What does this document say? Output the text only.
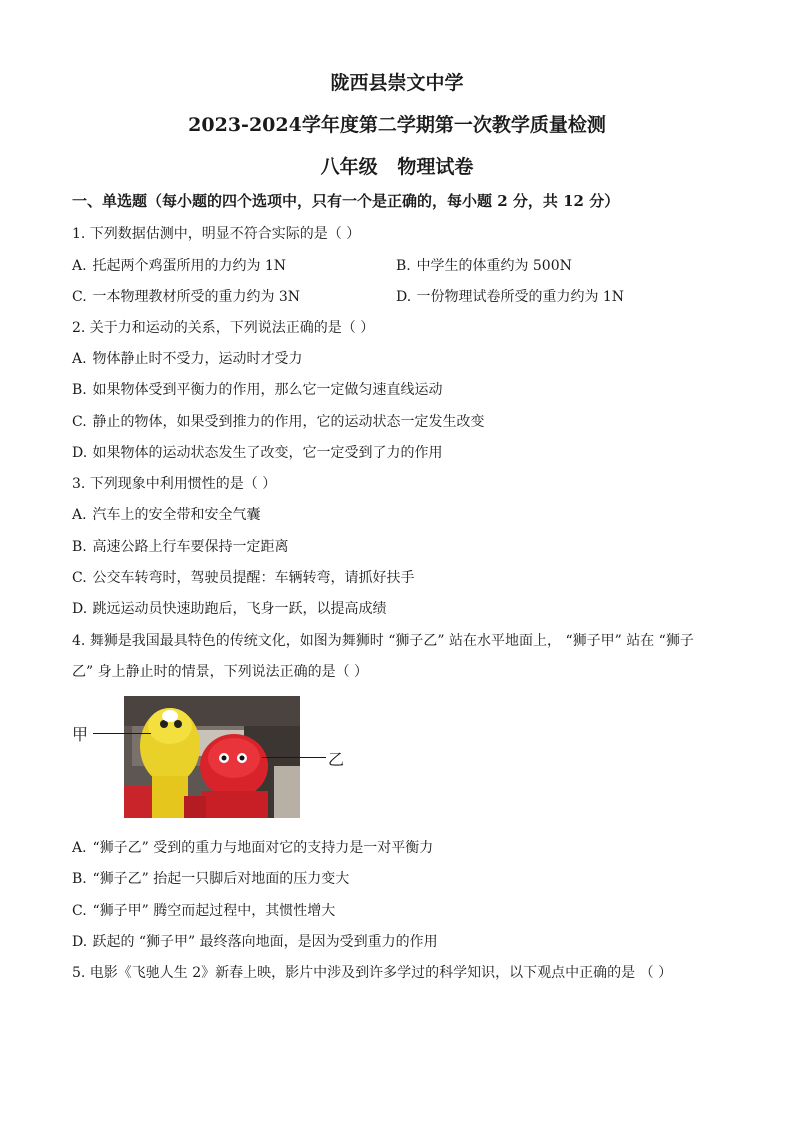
陇西县崇文中学
2023-2024学年度第二学期第一次教学质量检测
八年级   物理试卷
一、单选题（每小题的四个选项中，只有一个是正确的，每小题 2 分，共 12 分）
1. 下列数据估测中，明显不符合实际的是（ ）
A. 托起两个鸡蛋所用的力约为 1N	B. 中学生的体重约为 500N
C. 一本物理教材所受的重力约为 3N	D. 一份物理试卷所受的重力约为 1N
2. 关于力和运动的关系，下列说法正确的是（ ）
A. 物体静止时不受力，运动时才受力
B. 如果物体受到平衡力的作用，那么它一定做匀速直线运动
C. 静止的物体，如果受到推力的作用，它的运动状态一定发生改变
D. 如果物体的运动状态发生了改变，它一定受到了力的作用
3. 下列现象中利用惯性的是（ ）
A. 汽车上的安全带和安全气囊
B. 高速公路上行车要保持一定距离
C. 公交车转弯时，驾驶员提醒：车辆转弯，请抓好扶手
D. 跳远运动员快速助跑后，飞身一跃，以提高成绩
4. 舞狮是我国最具特色的传统文化，如图为舞狮时 “狮子乙” 站在水平地面上， “狮子甲” 站在 “狮子
乙” 身上静止时的情景，下列说法正确的是（ ）
甲
乙
A. “狮子乙” 受到的重力与地面对它的支持力是一对平衡力
B. “狮子乙” 抬起一只脚后对地面的压力变大
C. “狮子甲” 腾空而起过程中，其惯性增大
D. 跃起的 “狮子甲” 最终落向地面，是因为受到重力的作用
5. 电影《飞驰人生 2》新春上映，影片中涉及到许多学过的科学知识，以下观点中正确的是 （ ）
